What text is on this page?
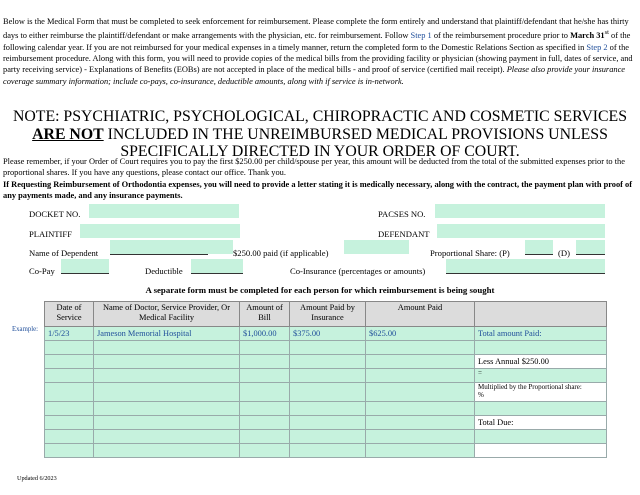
Below is the Medical Form that must be completed to seek enforcement for reimbursement. Please complete the form entirely and understand that plaintiff/defendant that he/she has thirty days to either reimburse the plaintiff/defendant or make arrangements with the physician, etc. for reimbursement. Follow Step 1 of the reimbursement procedure prior to March 31st of the following calendar year. If you are not reimbursed for your medical expenses in a timely manner, return the completed form to the Domestic Relations Section as specified in Step 2 of the reimbursement procedure. Along with this form, you will need to provide copies of the medical bills from the providing facility or physician (showing payment in full, dates of service, and party receiving service) - Explanations of Benefits (EOBs) are not accepted in place of the medical bills - and proof of service (certified mail receipt). Please also provide your insurance coverage summary information; include co-pays, co-insurance, deductible amounts, along with if service is in-network.
NOTE: PSYCHIATRIC, PSYCHOLOGICAL, CHIROPRACTIC AND COSMETIC SERVICES
ARE NOT INCLUDED IN THE UNREIMBURSED MEDICAL PROVISIONS UNLESS
SPECIFICALLY DIRECTED IN YOUR ORDER OF COURT.
Please remember, if your Order of Court requires you to pay the first $250.00 per child/spouse per year, this amount will be deducted from the total of the submitted expenses prior to the proportional shares. If you have any questions, please contact our office. Thank you.
If Requesting Reimbursement of Orthodontia expenses, you will need to provide a letter stating it is medically necessary, along with the contract, the payment plan with proof of any payments made, and any insurance payments.
DOCKET NO.	PACSES NO.
PLAINTIFF	DEFENDANT
Name of Dependent	$250.00 paid (if applicable)	Proportional Share: (P)	(D)
Co-Pay	Deductible	Co-Insurance (percentages or amounts)
A separate form must be completed for each person for which reimbursement is being sought
Example:
Date of Service	Name of Doctor, Service Provider, Or Medical Facility	Amount of Bill	Amount Paid by Insurance	Amount Paid	
1/5/23	Jameson Memorial Hospital	$1,000.00	$375.00	$625.00	Total amount Paid:

					Less Annual $250.00
					=
					Multiplied by the Proportional share:
%

					Total Due:

Updated 6/2023
